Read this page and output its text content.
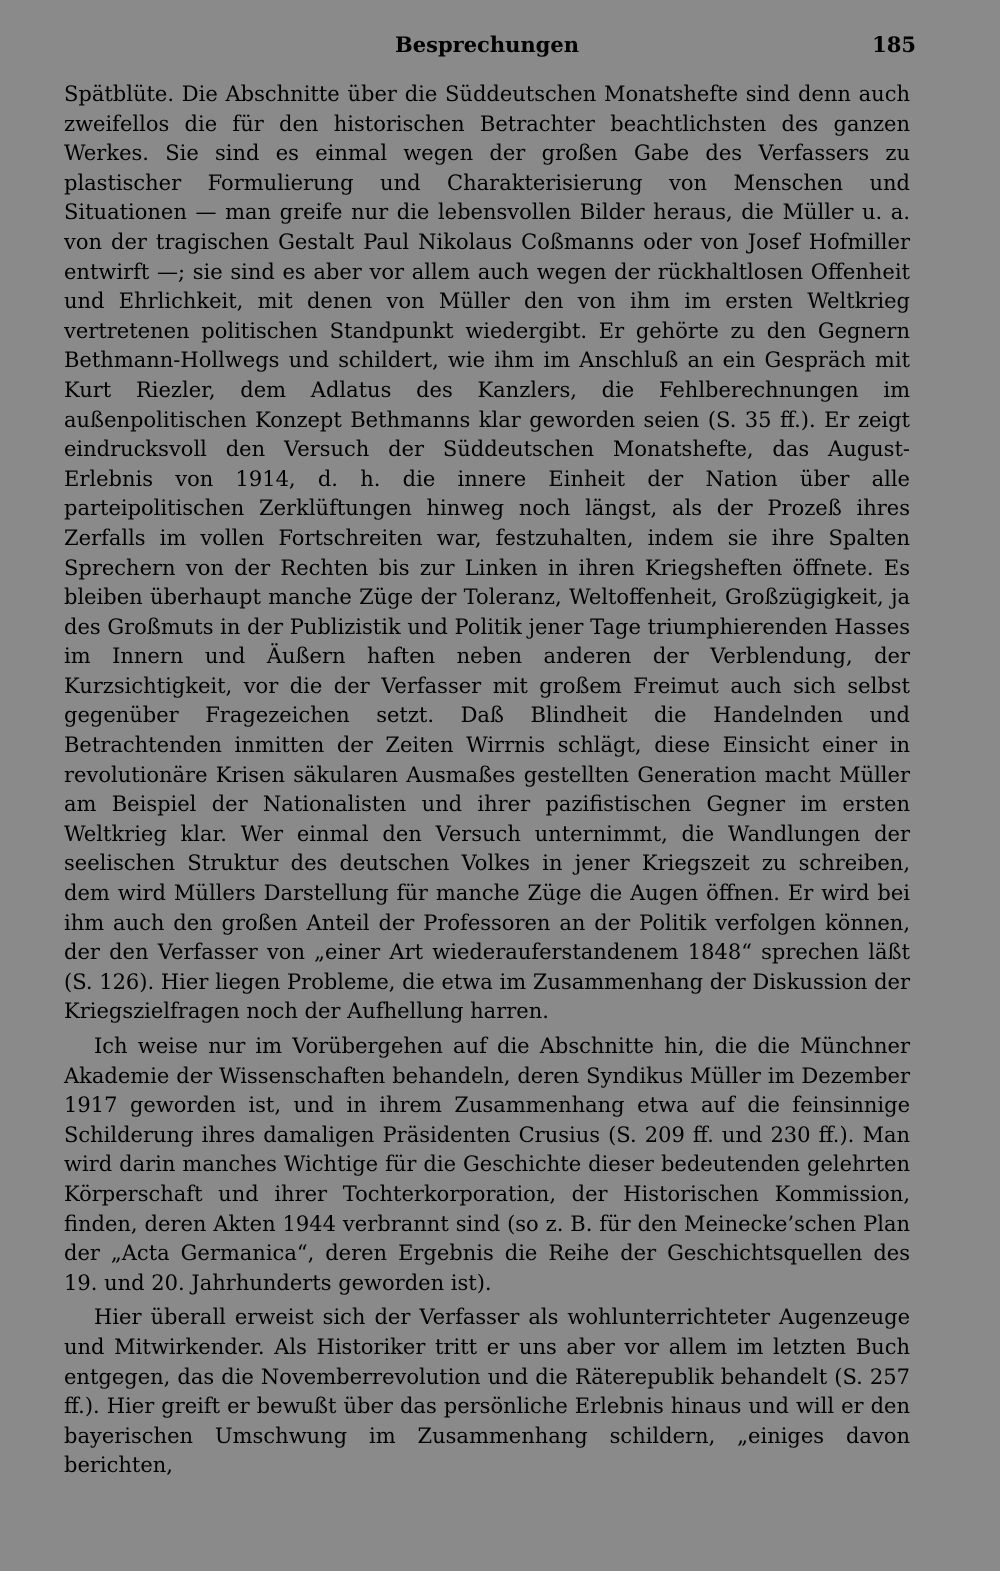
Besprechungen	185

Spätblüte. Die Abschnitte über die Süddeutschen Monatshefte sind denn auch zweifellos die für den historischen Betrachter beachtlichsten des ganzen Werkes. Sie sind es einmal wegen der großen Gabe des Verfassers zu plastischer Formulierung und Charakterisierung von Menschen und Situationen — man greife nur die lebensvollen Bilder heraus, die Müller u. a. von der tragischen Gestalt Paul Nikolaus Coßmanns oder von Josef Hofmiller entwirft —; sie sind es aber vor allem auch wegen der rückhaltlosen Offenheit und Ehrlichkeit, mit denen von Müller den von ihm im ersten Weltkrieg vertretenen politischen Standpunkt wiedergibt. Er gehörte zu den Gegnern Bethmann-Hollwegs und schildert, wie ihm im Anschluß an ein Gespräch mit Kurt Riezler, dem Adlatus des Kanzlers, die Fehlberechnungen im außenpolitischen Konzept Bethmanns klar geworden seien (S. 35 ff.). Er zeigt eindrucksvoll den Versuch der Süddeutschen Monatshefte, das August-Erlebnis von 1914, d. h. die innere Einheit der Nation über alle parteipolitischen Zerklüftungen hinweg noch längst, als der Prozeß ihres Zerfalls im vollen Fortschreiten war, festzuhalten, indem sie ihre Spalten Sprechern von der Rechten bis zur Linken in ihren Kriegsheften öffnete. Es bleiben überhaupt manche Züge der Toleranz, Weltoffenheit, Großzügigkeit, ja des Großmuts in der Publizistik und Politik jener Tage triumphierenden Hasses im Innern und Äußern haften neben anderen der Verblendung, der Kurzsichtigkeit, vor die der Verfasser mit großem Freimut auch sich selbst gegenüber Fragezeichen setzt. Daß Blindheit die Handelnden und Betrachtenden inmitten der Zeiten Wirrnis schlägt, diese Einsicht einer in revolutionäre Krisen säkularen Ausmaßes gestellten Generation macht Müller am Beispiel der Nationalisten und ihrer pazifistischen Gegner im ersten Weltkrieg klar. Wer einmal den Versuch unternimmt, die Wandlungen der seelischen Struktur des deutschen Volkes in jener Kriegszeit zu schreiben, dem wird Müllers Darstellung für manche Züge die Augen öffnen. Er wird bei ihm auch den großen Anteil der Professoren an der Politik verfolgen können, der den Verfasser von „einer Art wiederauferstandenem 1848“ sprechen läßt (S. 126). Hier liegen Probleme, die etwa im Zusammenhang der Diskussion der Kriegszielfragen noch der Aufhellung harren.

Ich weise nur im Vorübergehen auf die Abschnitte hin, die die Münchner Akademie der Wissenschaften behandeln, deren Syndikus Müller im Dezember 1917 geworden ist, und in ihrem Zusammenhang etwa auf die feinsinnige Schilderung ihres damaligen Präsidenten Crusius (S. 209 ff. und 230 ff.). Man wird darin manches Wichtige für die Geschichte dieser bedeutenden gelehrten Körperschaft und ihrer Tochterkorporation, der Historischen Kommission, finden, deren Akten 1944 verbrannt sind (so z. B. für den Meinecke’schen Plan der „Acta Germanica“, deren Ergebnis die Reihe der Geschichtsquellen des 19. und 20. Jahrhunderts geworden ist).

Hier überall erweist sich der Verfasser als wohlunterrichteter Augenzeuge und Mitwirkender. Als Historiker tritt er uns aber vor allem im letzten Buch entgegen, das die Novemberrevolution und die Räterepublik behandelt (S. 257 ff.). Hier greift er bewußt über das persönliche Erlebnis hinaus und will er den bayerischen Umschwung im Zusammenhang schildern, „einiges davon berichten,
